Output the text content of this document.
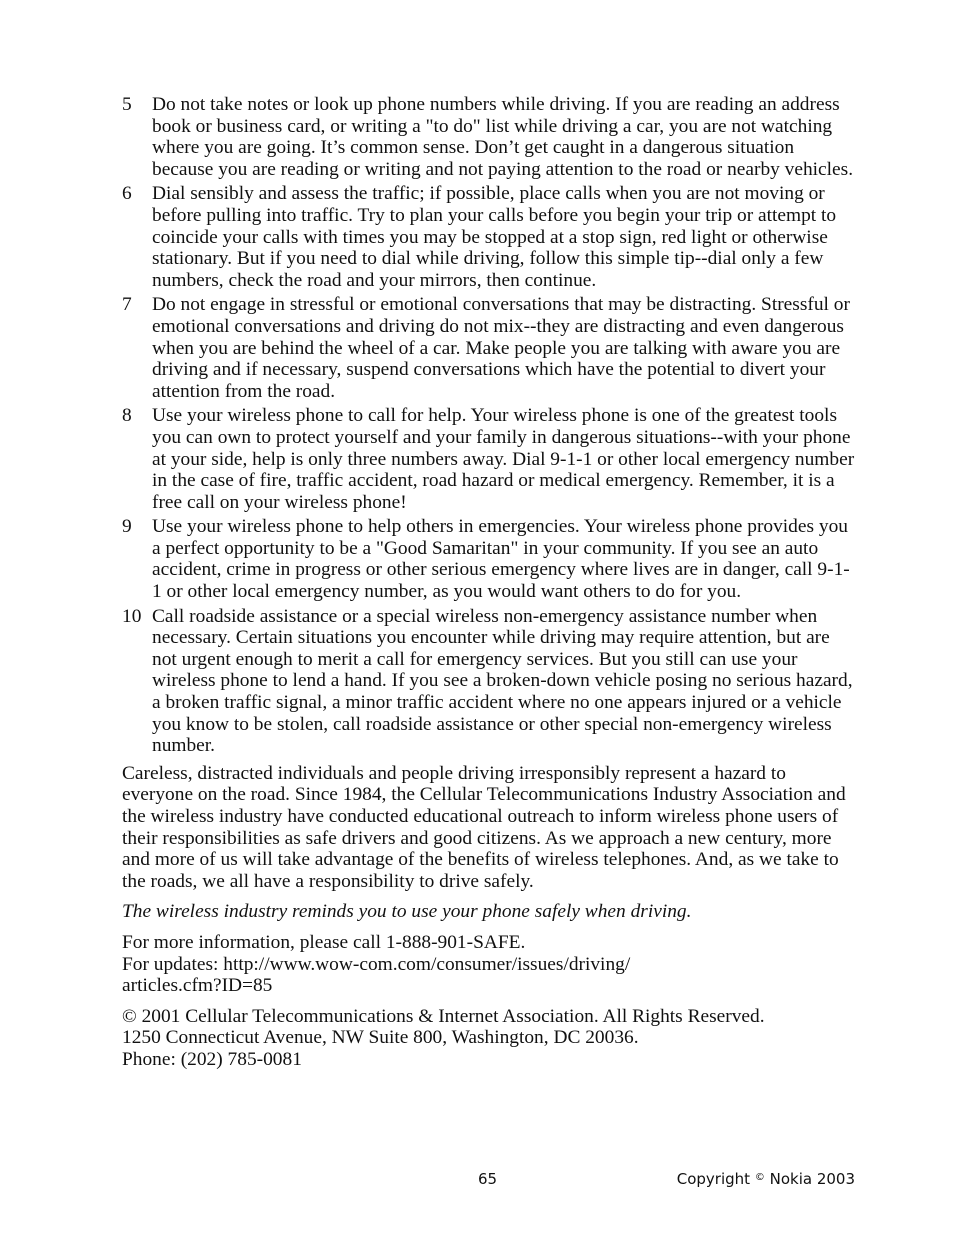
5	Do not take notes or look up phone numbers while driving. If you are reading an address book or business card, or writing a "to do" list while driving a car, you are not watching where you are going. It’s common sense. Don’t get caught in a dangerous situation because you are reading or writing and not paying attention to the road or nearby vehicles.
6	Dial sensibly and assess the traffic; if possible, place calls when you are not moving or before pulling into traffic. Try to plan your calls before you begin your trip or attempt to coincide your calls with times you may be stopped at a stop sign, red light or otherwise stationary. But if you need to dial while driving, follow this simple tip--dial only a few numbers, check the road and your mirrors, then continue.
7	Do not engage in stressful or emotional conversations that may be distracting. Stressful or emotional conversations and driving do not mix--they are distracting and even dangerous when you are behind the wheel of a car. Make people you are talking with aware you are driving and if necessary, suspend conversations which have the potential to divert your attention from the road.
8	Use your wireless phone to call for help. Your wireless phone is one of the greatest tools you can own to protect yourself and your family in dangerous situations--with your phone at your side, help is only three numbers away. Dial 9-1-1 or other local emergency number in the case of fire, traffic accident, road hazard or medical emergency. Remember, it is a free call on your wireless phone!
9	Use your wireless phone to help others in emergencies. Your wireless phone provides you a perfect opportunity to be a "Good Samaritan" in your community. If you see an auto accident, crime in progress or other serious emergency where lives are in danger, call 9-1-1 or other local emergency number, as you would want others to do for you.
10 Call roadside assistance or a special wireless non-emergency assistance number when necessary. Certain situations you encounter while driving may require attention, but are not urgent enough to merit a call for emergency services. But you still can use your wireless phone to lend a hand. If you see a broken-down vehicle posing no serious hazard, a broken traffic signal, a minor traffic accident where no one appears injured or a vehicle you know to be stolen, call roadside assistance or other special non-emergency wireless number.

Careless, distracted individuals and people driving irresponsibly represent a hazard to everyone on the road. Since 1984, the Cellular Telecommunications Industry Association and the wireless industry have conducted educational outreach to inform wireless phone users of their responsibilities as safe drivers and good citizens. As we approach a new century, more and more of us will take advantage of the benefits of wireless telephones. And, as we take to the roads, we all have a responsibility to drive safely.

The wireless industry reminds you to use your phone safely when driving.

For more information, please call 1-888-901-SAFE.
For updates: http://www.wow-com.com/consumer/issues/driving/
articles.cfm?ID=85

© 2001 Cellular Telecommunications & Internet Association. All Rights Reserved.
1250 Connecticut Avenue, NW Suite 800, Washington, DC 20036.
Phone: (202) 785-0081

65	Copyright © Nokia 2003
